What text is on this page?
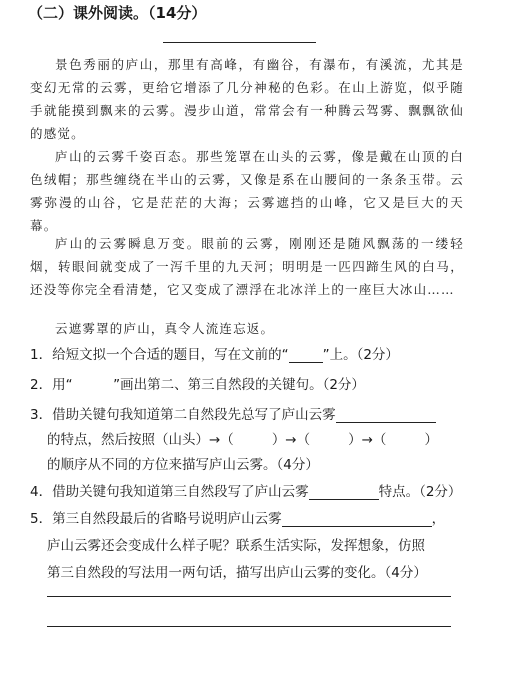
（二）课外阅读。（14分）
景色秀丽的庐山，那里有高峰，有幽谷，有瀑布，有溪流，尤其是变幻无常的云雾，更给它增添了几分神秘的色彩。在山上游览，似乎随手就能摸到飘来的云雾。漫步山道，常常会有一种腾云驾雾、飘飘欲仙的感觉。
庐山的云雾千姿百态。那些笼罩在山头的云雾，像是戴在山顶的白色绒帽；那些缠绕在半山的云雾，又像是系在山腰间的一条条玉带。云雾弥漫的山谷，它是茫茫的大海；云雾遮挡的山峰，它又是巨大的天幕。
庐山的云雾瞬息万变。眼前的云雾，刚刚还是随风飘荡的一缕轻烟，转眼间就变成了一泻千里的九天河；明明是一匹四蹄生风的白马，还没等你完全看清楚，它又变成了漂浮在北冰洋上的一座巨大冰山……
云遮雾罩的庐山，真令人流连忘返。
1．给短文拟一个合适的题目，写在文前的“	”上。（2分）
2．用“　　　”画出第二、第三自然段的关键句。（2分）
3．借助关键句我知道第二自然段先总写了庐山云雾
的特点，然后按照（山头）→（	）→（	）→（	）
的顺序从不同的方位来描写庐山云雾。（4分）
4．借助关键句我知道第三自然段写了庐山云雾	特点。（2分）
5．第三自然段最后的省略号说明庐山云雾	，
庐山云雾还会变成什么样子呢？联系生活实际，发挥想象，仿照
第三自然段的写法用一两句话，描写出庐山云雾的变化。（4分）
